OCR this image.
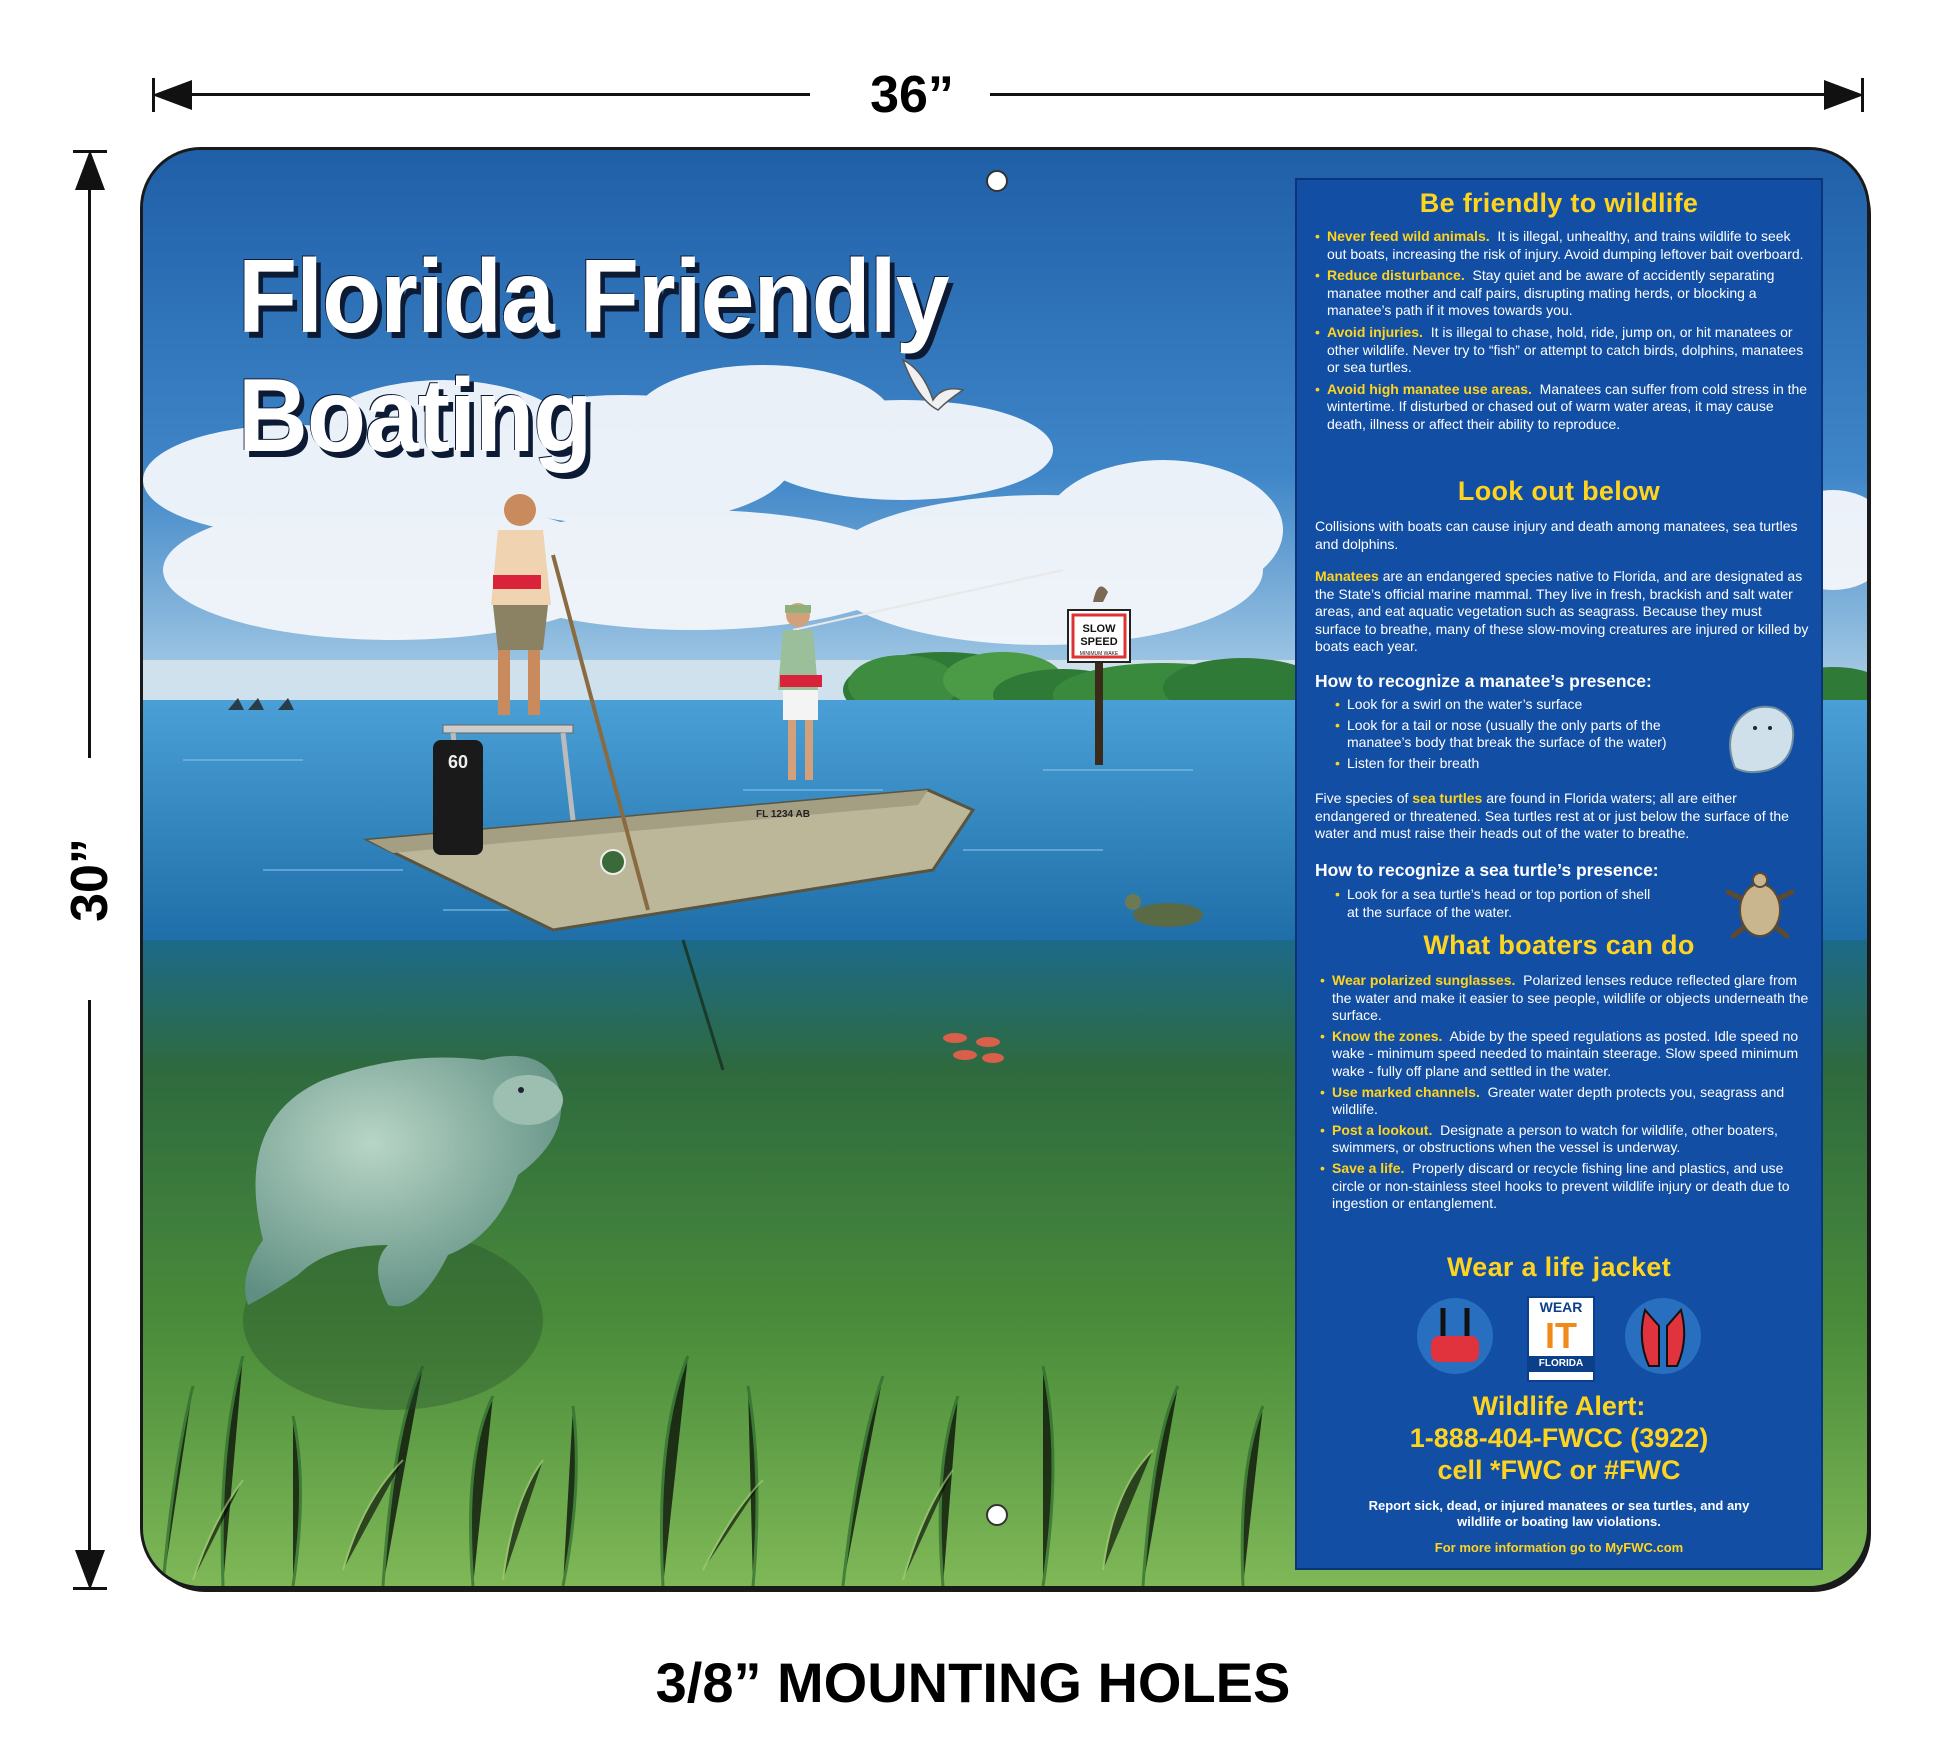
36”
30”
SLOW
SPEED
MINIMUM WAKE
60
FL 1234 AB
Florida Friendly Boating
Be friendly to wildlife
• Never feed wild animals. It is illegal, unhealthy, and trains wildlife to seek out boats, increasing the risk of injury. Avoid dumping leftover bait overboard.
• Reduce disturbance. Stay quiet and be aware of accidently separating manatee mother and calf pairs, disrupting mating herds, or blocking a manatee’s path if it moves towards you.
• Avoid injuries. It is illegal to chase, hold, ride, jump on, or hit manatees or other wildlife. Never try to “fish” or attempt to catch birds, dolphins, manatees or sea turtles.
• Avoid high manatee use areas. Manatees can suffer from cold stress in the wintertime. If disturbed or chased out of warm water areas, it may cause death, illness or affect their ability to reproduce.
Look out below
Collisions with boats can cause injury and death among manatees, sea turtles and dolphins.
Manatees are an endangered species native to Florida, and are designated as the State’s official marine mammal. They live in fresh, brackish and salt water areas, and eat aquatic vegetation such as seagrass. Because they must surface to breathe, many of these slow-moving creatures are injured or killed by boats each year.
How to recognize a manatee’s presence:
• Look for a swirl on the water’s surface
• Look for a tail or nose (usually the only parts of the manatee’s body that break the surface of the water)
• Listen for their breath
Five species of sea turtles are found in Florida waters; all are either endangered or threatened. Sea turtles rest at or just below the surface of the water and must raise their heads out of the water to breathe.
How to recognize a sea turtle’s presence:
• Look for a sea turtle’s head or top portion of shell at the surface of the water.
What boaters can do
• Wear polarized sunglasses. Polarized lenses reduce reflected glare from the water and make it easier to see people, wildlife or objects underneath the surface.
• Know the zones. Abide by the speed regulations as posted. Idle speed no wake - minimum speed needed to maintain steerage. Slow speed minimum wake - fully off plane and settled in the water.
• Use marked channels. Greater water depth protects you, seagrass and wildlife.
• Post a lookout. Designate a person to watch for wildlife, other boaters, swimmers, or obstructions when the vessel is underway.
• Save a life. Properly discard or recycle fishing line and plastics, and use circle or non-stainless steel hooks to prevent wildlife injury or death due to ingestion or entanglement.
Wear a life jacket
WEAR
IT
FLORIDA
Wildlife Alert:
1-888-404-FWCC (3922)
cell *FWC or #FWC
Report sick, dead, or injured manatees or sea turtles, and any wildlife or boating law violations.
For more information go to MyFWC.com
3/8” MOUNTING HOLES
